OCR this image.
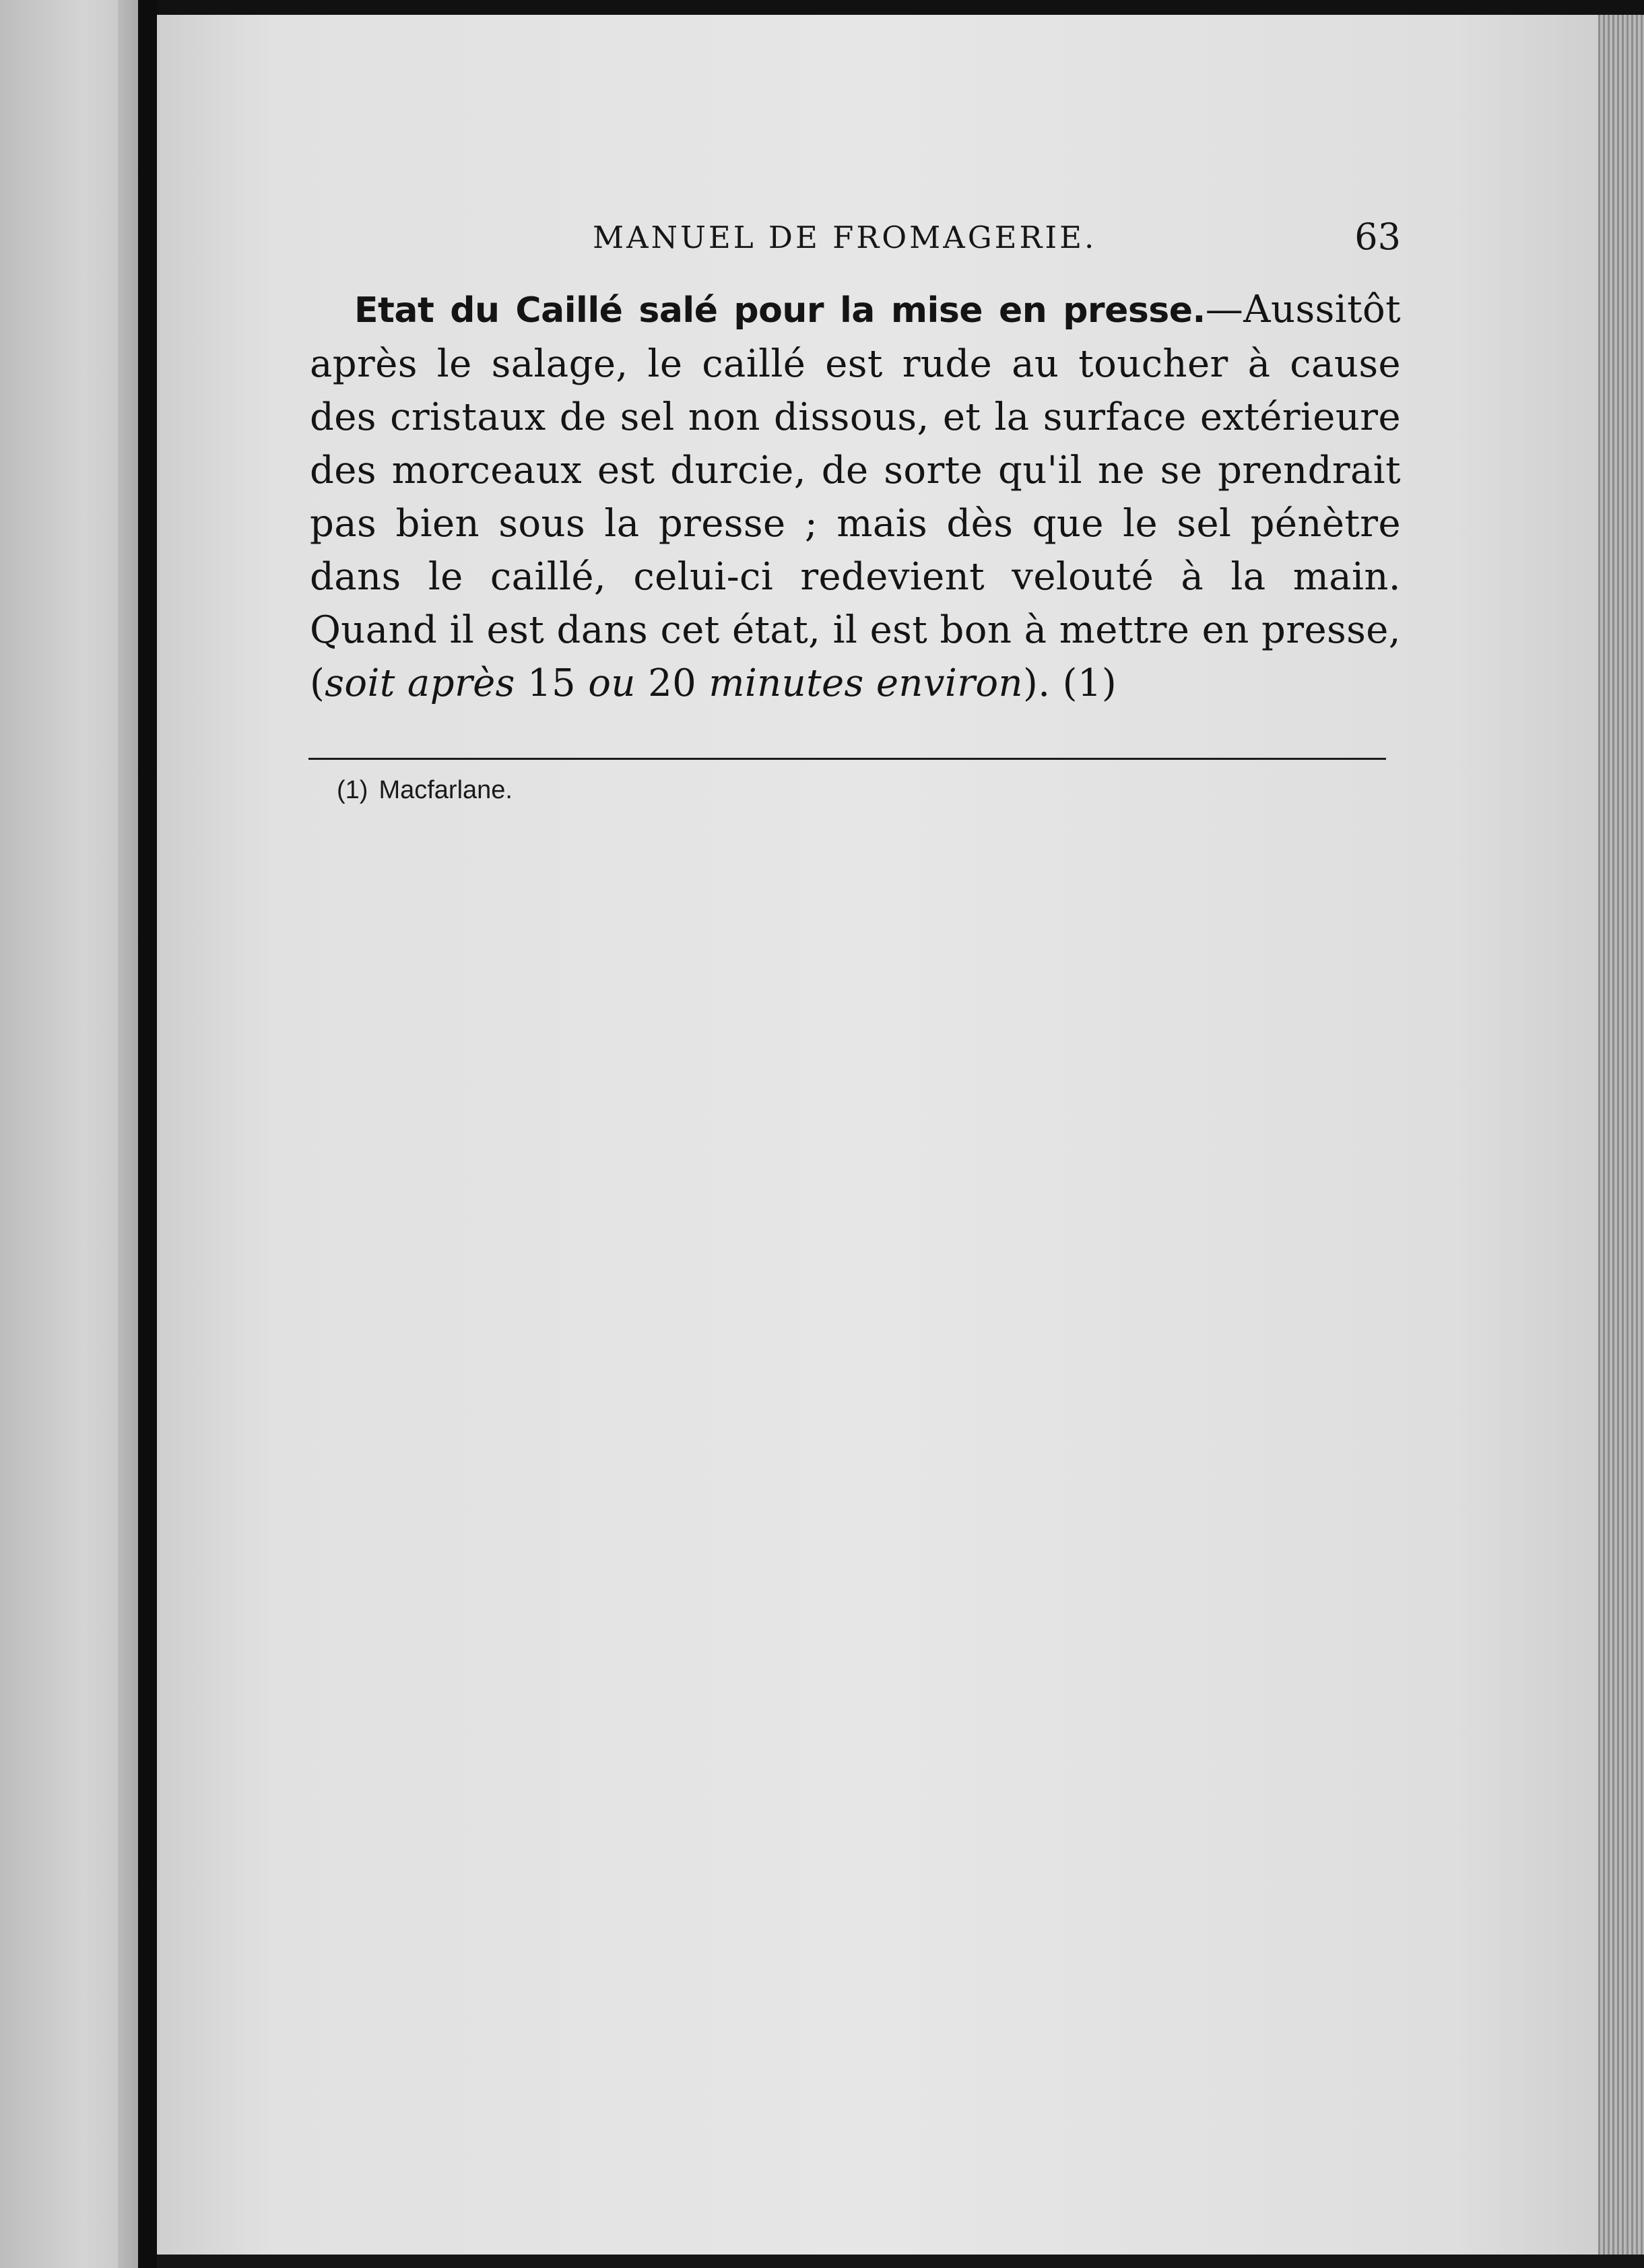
MANUEL DE FROMAGERIE.	63

Etat du Caillé salé pour la mise en presse.—Aussitôt après le salage, le caillé est rude au toucher à cause des cristaux de sel non dissous, et la surface extérieure des morceaux est durcie, de sorte qu'il ne se prendrait pas bien sous la presse ; mais dès que le sel pénètre dans le caillé, celui-ci redevient velouté à la main. Quand il est dans cet état, il est bon à mettre en presse, (soit après 15 ou 20 minutes environ). (1)

(1) Macfarlane.
